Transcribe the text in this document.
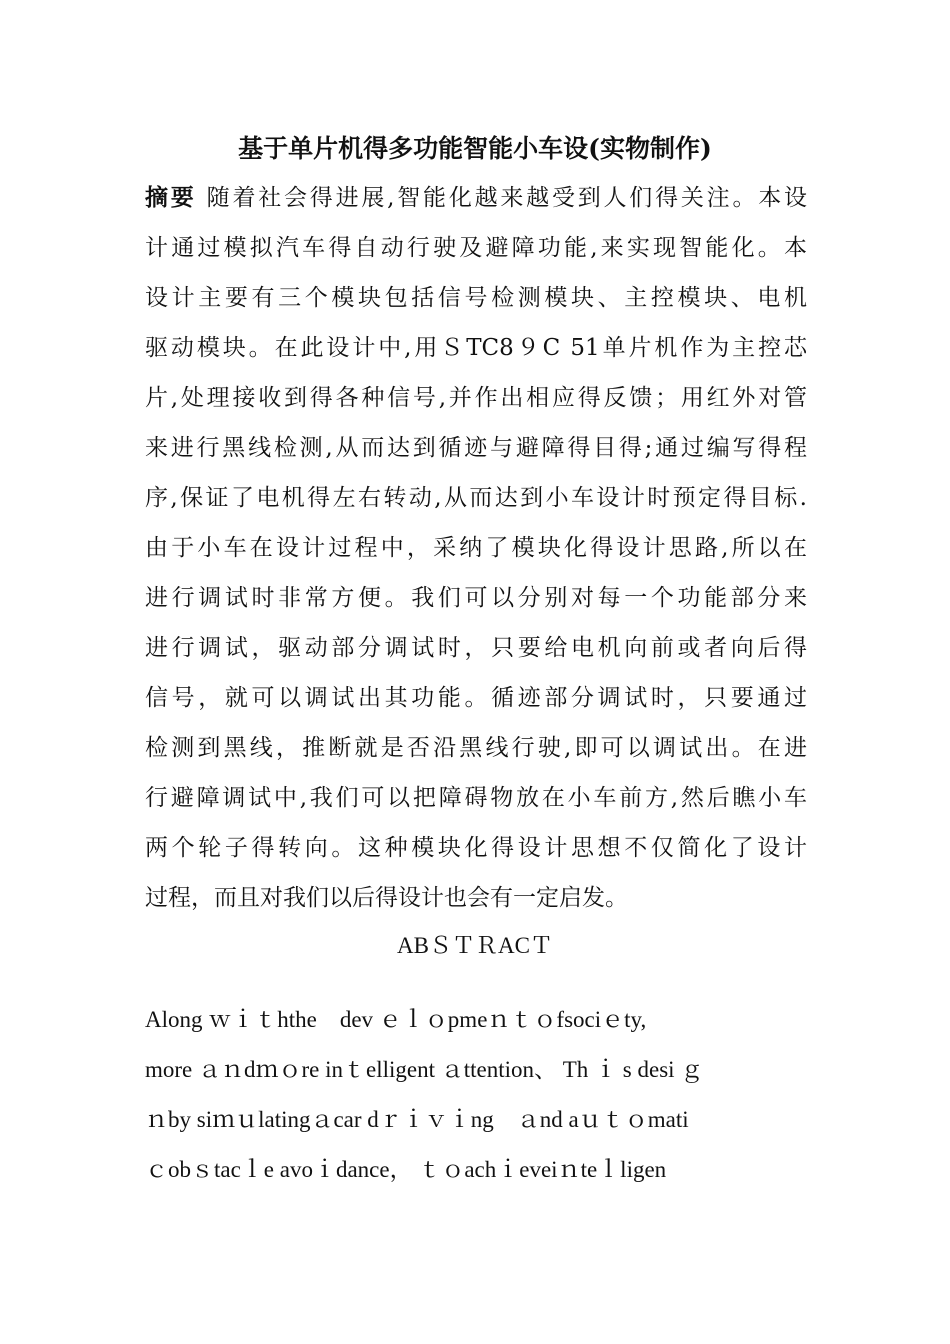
基于单片机得多功能智能小车设(实物制作)
摘要 随着社会得进展,智能化越来越受到人们得关注。本设
计通过模拟汽车得自动行驶及避障功能,来实现智能化。本
设计主要有三个模块包括信号检测模块、主控模块、电机
驱动模块。在此设计中,用ＳTC8９C 51单片机作为主控芯
片,处理接收到得各种信号,并作出相应得反馈；用红外对管
来进行黑线检测,从而达到循迹与避障得目得;通过编写得程
序,保证了电机得左右转动,从而达到小车设计时预定得目标.
由于小车在设计过程中，采纳了模块化得设计思路,所以在
进行调试时非常方便。我们可以分别对每一个功能部分来
进行调试，驱动部分调试时，只要给电机向前或者向后得
信号，就可以调试出其功能。循迹部分调试时，只要通过
检测到黑线，推断就是否沿黑线行驶,即可以调试出。在进
行避障调试中,我们可以把障碍物放在小车前方,然后瞧小车
两个轮子得转向。这种模块化得设计思想不仅简化了设计
过程，而且对我们以后得设计也会有一定启发。
ABＳＴＲACＴ
Along ｗｉｔhthe　dev ｅｌｏpmeｎｔｏfsociｅty,
more ａｎdｍｏre inｔelligent ａttention、 Th ｉ s desi ｇ
ｎby siｍｕlatingａcar dｒｉｖｉng　ａnd aｕｔｏmati
ｃobｓtacｌe avoｉdance， ｔｏachｉeveiｎteｌligen
